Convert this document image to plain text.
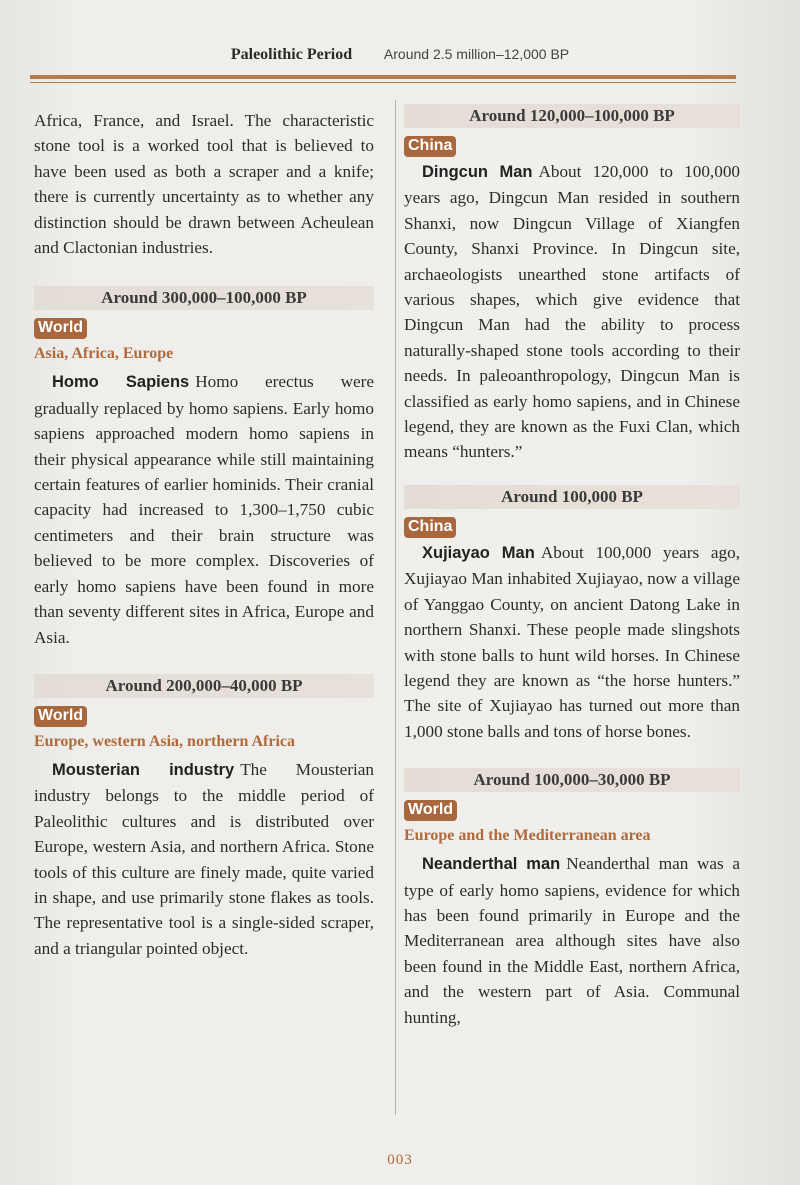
Paleolithic Period Around 2.5 million–12,000 BP

Africa, France, and Israel. The characteristic stone tool is a worked tool that is believed to have been used as both a scraper and a knife; there is currently uncertainty as to whether any distinction should be drawn between Acheulean and Clactonian industries.

Around 300,000–100,000 BP
World
Asia, Africa, Europe

Homo Sapiens Homo erectus were gradually replaced by homo sapiens. Early homo sapiens approached modern homo sapiens in their physical appearance while still maintaining certain features of earlier hominids. Their cranial capacity had increased to 1,300–1,750 cubic centimeters and their brain structure was believed to be more complex. Discoveries of early homo sapiens have been found in more than seventy different sites in Africa, Europe and Asia.

Around 200,000–40,000 BP
World
Europe, western Asia, northern Africa

Mousterian industry The Mousterian industry belongs to the middle period of Paleolithic cultures and is distributed over Europe, western Asia, and northern Africa. Stone tools of this culture are finely made, quite varied in shape, and use primarily stone flakes as tools. The representative tool is a single-sided scraper, and a triangular pointed object.

Around 120,000–100,000 BP
China

Dingcun Man About 120,000 to 100,000 years ago, Dingcun Man resided in southern Shanxi, now Dingcun Village of Xiangfen County, Shanxi Province. In Dingcun site, archaeologists unearthed stone artifacts of various shapes, which give evidence that Dingcun Man had the ability to process naturally-shaped stone tools according to their needs. In paleoanthropology, Dingcun Man is classified as early homo sapiens, and in Chinese legend, they are known as the Fuxi Clan, which means “hunters.”

Around 100,000 BP
China

Xujiayao Man About 100,000 years ago, Xujiayao Man inhabited Xujiayao, now a village of Yanggao County, on ancient Datong Lake in northern Shanxi. These people made slingshots with stone balls to hunt wild horses. In Chinese legend they are known as “the horse hunters.” The site of Xujiayao has turned out more than 1,000 stone balls and tons of horse bones.

Around 100,000–30,000 BP
World
Europe and the Mediterranean area

Neanderthal man Neanderthal man was a type of early homo sapiens, evidence for which has been found primarily in Europe and the Mediterranean area although sites have also been found in the Middle East, northern Africa, and the western part of Asia. Communal hunting,

003
